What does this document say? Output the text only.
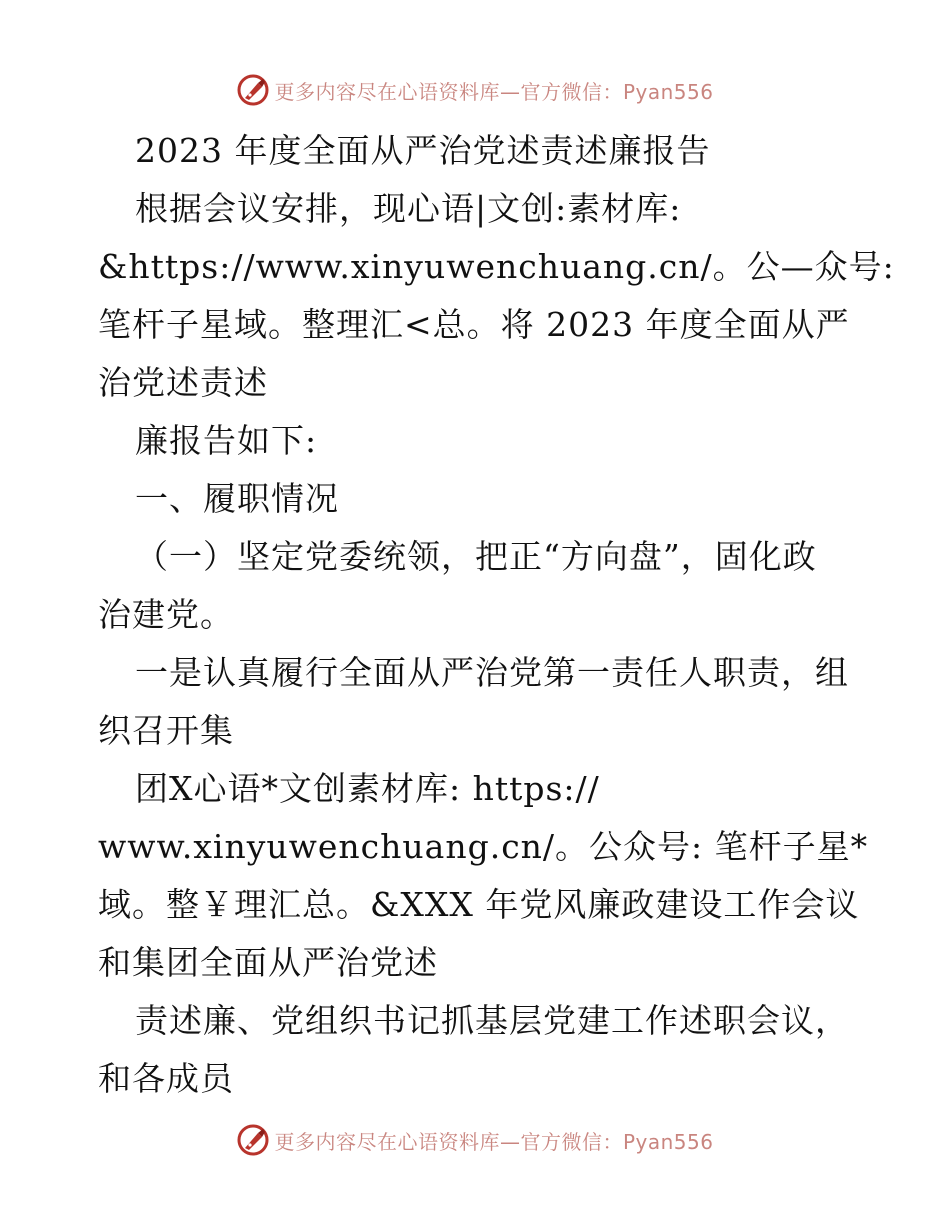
更多内容尽在心语资料库—官方微信：Pyan556
2023 年度全面从严治党述责述廉报告
根据会议安排，现心语|文创:素材库:
&https://www.xinyuwenchuang.cn/。公—众号:
笔杆子星域。整理汇<总。将 2023 年度全面从严
治党述责述
廉报告如下:
一、履职情况
（一）坚定党委统领，把正“方向盘”，固化政
治建党。
一是认真履行全面从严治党第一责任人职责，组
织召开集
团X心语*文创素材库: https://
www.xinyuwenchuang.cn/。公众号: 笔杆子星*
域。整￥理汇总。&XXX 年党风廉政建设工作会议
和集团全面从严治党述
责述廉、党组织书记抓基层党建工作述职会议，
和各成员
更多内容尽在心语资料库—官方微信：Pyan556
